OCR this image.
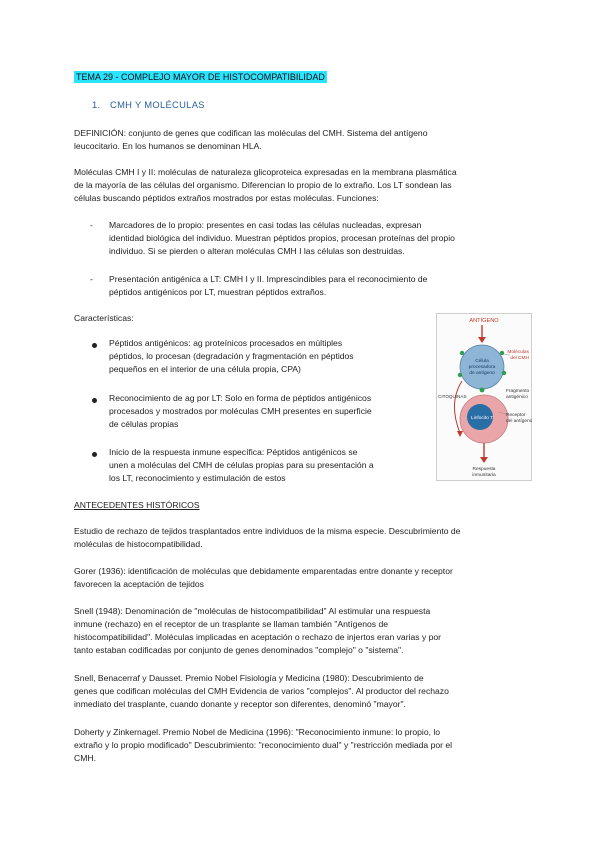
TEMA 29 - COMPLEJO MAYOR DE HISTOCOMPATIBILIDAD
1. CMH Y MOLÉCULAS

DEFINICIÓN: conjunto de genes que codifican las moléculas del CMH. Sistema del antígeno

leucocitario. En los humanos se denominan HLA.

Moléculas CMH I y II: moléculas de naturaleza glicoproteica expresadas en la membrana plasmática

de la mayoría de las células del organismo. Diferencian lo propio de lo extraño. Los LT sondean las

células buscando péptidos extraños mostrados por estas moléculas. Funciones:

- Marcadores de lo propio: presentes en casi todas las células nucleadas, expresan

identidad biológica del individuo. Muestran péptidos propios, procesan proteínas del propio

individuo. Si se pierden o alteran moléculas CMH I las células son destruidas.

- Presentación antigénica a LT: CMH I y II. Imprescindibles para el reconocimiento de

péptidos antigénicos por LT, muestran péptidos extraños.

Características:

Péptidos antigénicos: ag proteínicos procesados en múltiples

péptidos, lo procesan (degradación y fragmentación en péptidos

pequeños en el interior de una célula propia, CPA)

Reconocimiento de ag por LT: Solo en forma de péptidos antigénicos

procesados y mostrados por moléculas CMH presentes en superficie

de células propias

Inicio de la respuesta inmune específica: Péptidos antigénicos se

unen a moléculas del CMH de células propias para su presentación a

los LT, reconocimiento y estimulación de estos

ANTÍGENO
Célula
procesadora
de antígeno
Moléculas
del CMH
Fragmento
antigénico
CITOQUINAS
Linfocito T
Receptor
del antígeno
Respuesta
inmunitaria

ANTECEDENTES HISTÓRICOS

Estudio de rechazo de tejidos trasplantados entre individuos de la misma especie. Descubrimiento de

moléculas de histocompatibilidad.

Gorer (1936): identificación de moléculas que debidamente emparentadas entre donante y receptor

favorecen la aceptación de tejidos

Snell (1948): Denominación de "moléculas de histocompatibilidad" Al estimular una respuesta

inmune (rechazo) en el receptor de un trasplante se llaman también "Antígenos de

histocompatibilidad". Moléculas implicadas en aceptación o rechazo de injertos eran varias y por

tanto estaban codificadas por conjunto de genes denominados "complejo" o "sistema".

Snell, Benacerraf y Dausset. Premio Nobel Fisiología y Medicina (1980): Descubrimiento de

genes que codifican moléculas del CMH Evidencia de varios "complejos". Al productor del rechazo

inmediato del trasplante, cuando donante y receptor son diferentes, denominó "mayor".

Doherty y Zinkernagel. Premio Nobel de Medicina (1996): "Reconocimiento inmune: lo propio, lo

extraño y lo propio modificado" Descubrimiento: "reconocimiento dual" y "restricción mediada por el

CMH.
